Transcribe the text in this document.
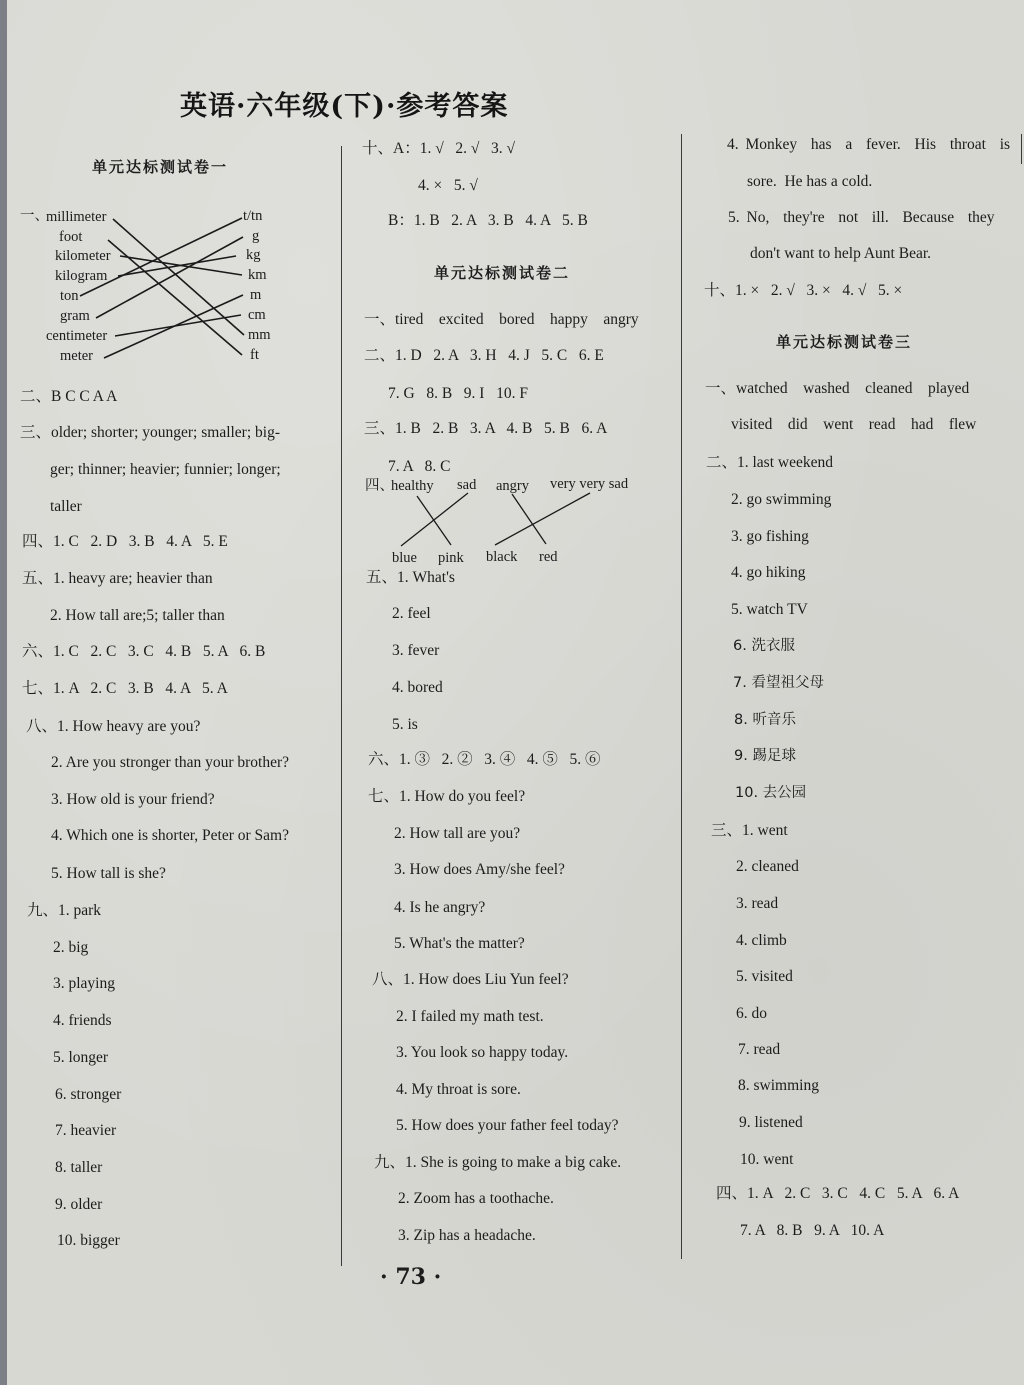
英语·六年级(下)·参考答案
单元达标测试卷一
一、
millimeter
foot
kilometer
kilogram
ton
gram
centimeter
meter
t/tn
g
kg
km
m
cm
mm
ft
二、B C C A A
三、older; shorter; younger; smaller; big-
ger; thinner; heavier; funnier; longer;
taller
四、1. C   2. D   3. B   4. A   5. E
五、1. heavy are; heavier than
2. How tall are;5; taller than
六、1. C   2. C   3. C   4. B   5. A   6. B
七、1. A   2. C   3. B   4. A   5. A
八、1. How heavy are you?
2. Are you stronger than your brother?
3. How old is your friend?
4. Which one is shorter, Peter or Sam?
5. How tall is she?
九、1. park
2. big
3. playing
4. friends
5. longer
6. stronger
7. heavier
8. taller
9. older
10. bigger
十、A：1. √   2. √   3. √
4. ×   5. √
B：1. B   2. A   3. B   4. A   5. B
单元达标测试卷二
一、tired    excited    bored    happy    angry
二、1. D   2. A   3. H   4. J   5. C   6. E
7. G   8. B   9. I   10. F
三、1. B   2. B   3. A   4. B   5. B   6. A
7. A   8. C
四、
healthy sad angry very very sad
blue pink black red
五、1. What's
2. feel
3. fever
4. bored
5. is
六、1. ③   2. ②   3. ④   4. ⑤   5. ⑥
七、1. How do you feel?
2. How tall are you?
3. How does Amy/she feel?
4. Is he angry?
5. What's the matter?
八、1. How does Liu Yun feel?
2. I failed my math test.
3. You look so happy today.
4. My throat is sore.
5. How does your father feel today?
九、1. She is going to make a big cake.
2. Zoom has a toothache.
3. Zip has a headache.
4. Monkey  has  a  fever.  His  throat  is
sore.  He has a cold.
5. No,  they're  not  ill.  Because  they
don't want to help Aunt Bear.
十、1. ×   2. √   3. ×   4. √   5. ×
单元达标测试卷三
一、watched    washed    cleaned    played
visited    did    went    read    had    flew
二、1. last weekend
2. go swimming
3. go fishing
4. go hiking
5. watch TV
6. 洗衣服
7. 看望祖父母
8. 听音乐
9. 踢足球
10. 去公园
三、1. went
2. cleaned
3. read
4. climb
5. visited
6. do
7. read
8. swimming
9. listened
10. went
四、1. A   2. C   3. C   4. C   5. A   6. A
7. A   8. B   9. A   10. A
· 73 ·
